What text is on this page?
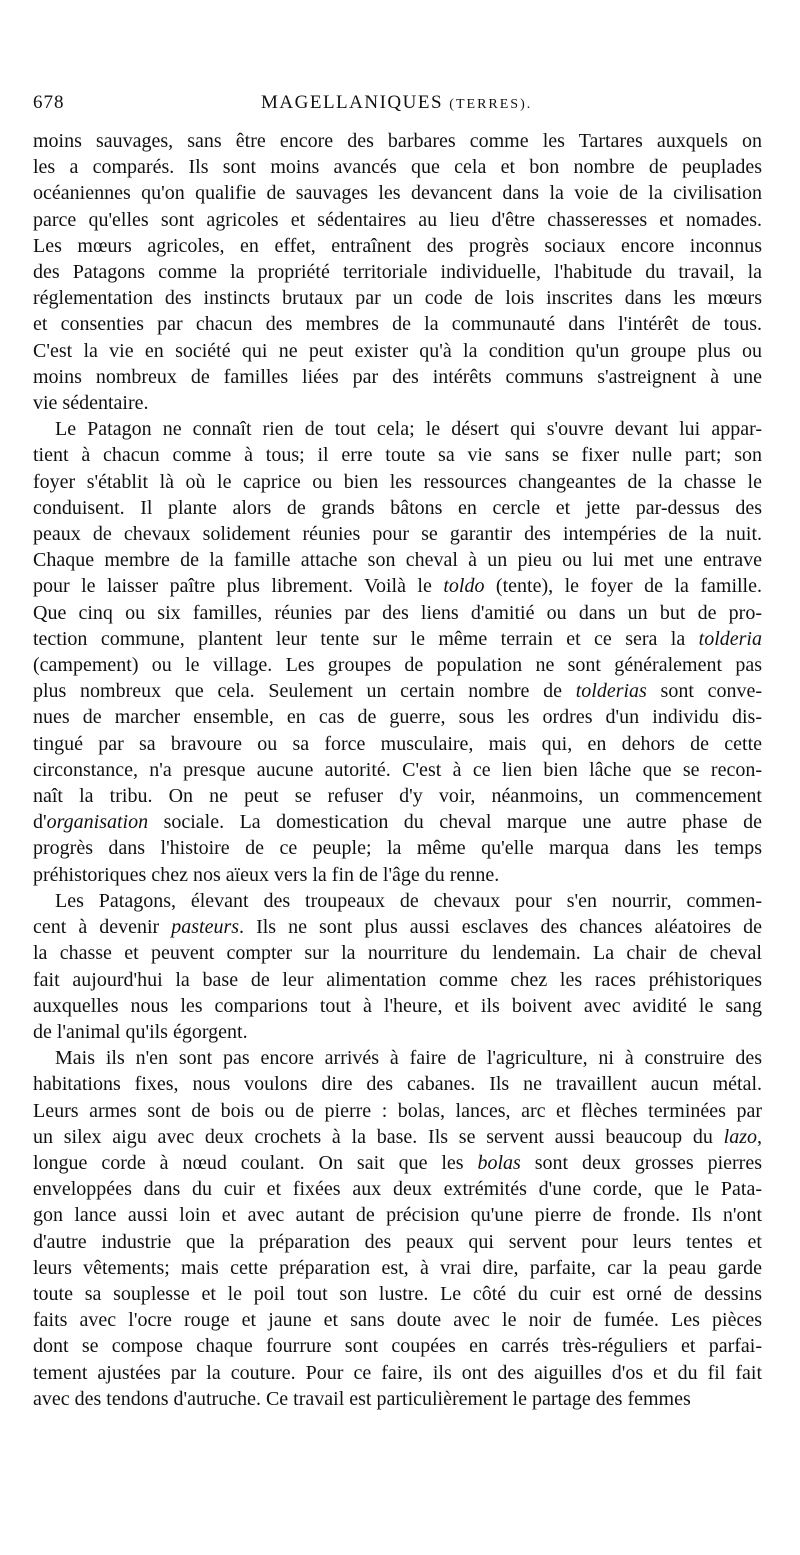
678	MAGELLANIQUES (TERRES).
moins sauvages, sans être encore des barbares comme les Tartares auxquels on
les a comparés. Ils sont moins avancés que cela et bon nombre de peuplades
océaniennes qu'on qualifie de sauvages les devancent dans la voie de la civilisation
parce qu'elles sont agricoles et sédentaires au lieu d'être chasseresses et nomades.
Les mœurs agricoles, en effet, entraînent des progrès sociaux encore inconnus
des Patagons comme la propriété territoriale individuelle, l'habitude du travail, la
réglementation des instincts brutaux par un code de lois inscrites dans les mœurs
et consenties par chacun des membres de la communauté dans l'intérêt de tous.
C'est la vie en société qui ne peut exister qu'à la condition qu'un groupe plus ou
moins nombreux de familles liées par des intérêts communs s'astreignent à une
vie sédentaire.
Le Patagon ne connaît rien de tout cela; le désert qui s'ouvre devant lui appar-
tient à chacun comme à tous; il erre toute sa vie sans se fixer nulle part; son
foyer s'établit là où le caprice ou bien les ressources changeantes de la chasse le
conduisent. Il plante alors de grands bâtons en cercle et jette par-dessus des
peaux de chevaux solidement réunies pour se garantir des intempéries de la nuit.
Chaque membre de la famille attache son cheval à un pieu ou lui met une entrave
pour le laisser paître plus librement. Voilà le toldo (tente), le foyer de la famille.
Que cinq ou six familles, réunies par des liens d'amitié ou dans un but de pro-
tection commune, plantent leur tente sur le même terrain et ce sera la tolderia
(campement) ou le village. Les groupes de population ne sont généralement pas
plus nombreux que cela. Seulement un certain nombre de tolderias sont conve-
nues de marcher ensemble, en cas de guerre, sous les ordres d'un individu dis-
tingué par sa bravoure ou sa force musculaire, mais qui, en dehors de cette
circonstance, n'a presque aucune autorité. C'est à ce lien bien lâche que se recon-
naît la tribu. On ne peut se refuser d'y voir, néanmoins, un commencement
d'organisation sociale. La domestication du cheval marque une autre phase de
progrès dans l'histoire de ce peuple; la même qu'elle marqua dans les temps
préhistoriques chez nos aïeux vers la fin de l'âge du renne.
Les Patagons, élevant des troupeaux de chevaux pour s'en nourrir, commen-
cent à devenir pasteurs. Ils ne sont plus aussi esclaves des chances aléatoires de
la chasse et peuvent compter sur la nourriture du lendemain. La chair de cheval
fait aujourd'hui la base de leur alimentation comme chez les races préhistoriques
auxquelles nous les comparions tout à l'heure, et ils boivent avec avidité le sang
de l'animal qu'ils égorgent.
Mais ils n'en sont pas encore arrivés à faire de l'agriculture, ni à construire des
habitations fixes, nous voulons dire des cabanes. Ils ne travaillent aucun métal.
Leurs armes sont de bois ou de pierre : bolas, lances, arc et flèches terminées par
un silex aigu avec deux crochets à la base. Ils se servent aussi beaucoup du lazo,
longue corde à nœud coulant. On sait que les bolas sont deux grosses pierres
enveloppées dans du cuir et fixées aux deux extrémités d'une corde, que le Pata-
gon lance aussi loin et avec autant de précision qu'une pierre de fronde. Ils n'ont
d'autre industrie que la préparation des peaux qui servent pour leurs tentes et
leurs vêtements; mais cette préparation est, à vrai dire, parfaite, car la peau garde
toute sa souplesse et le poil tout son lustre. Le côté du cuir est orné de dessins
faits avec l'ocre rouge et jaune et sans doute avec le noir de fumée. Les pièces
dont se compose chaque fourrure sont coupées en carrés très-réguliers et parfai-
tement ajustées par la couture. Pour ce faire, ils ont des aiguilles d'os et du fil fait
avec des tendons d'autruche. Ce travail est particulièrement le partage des femmes
